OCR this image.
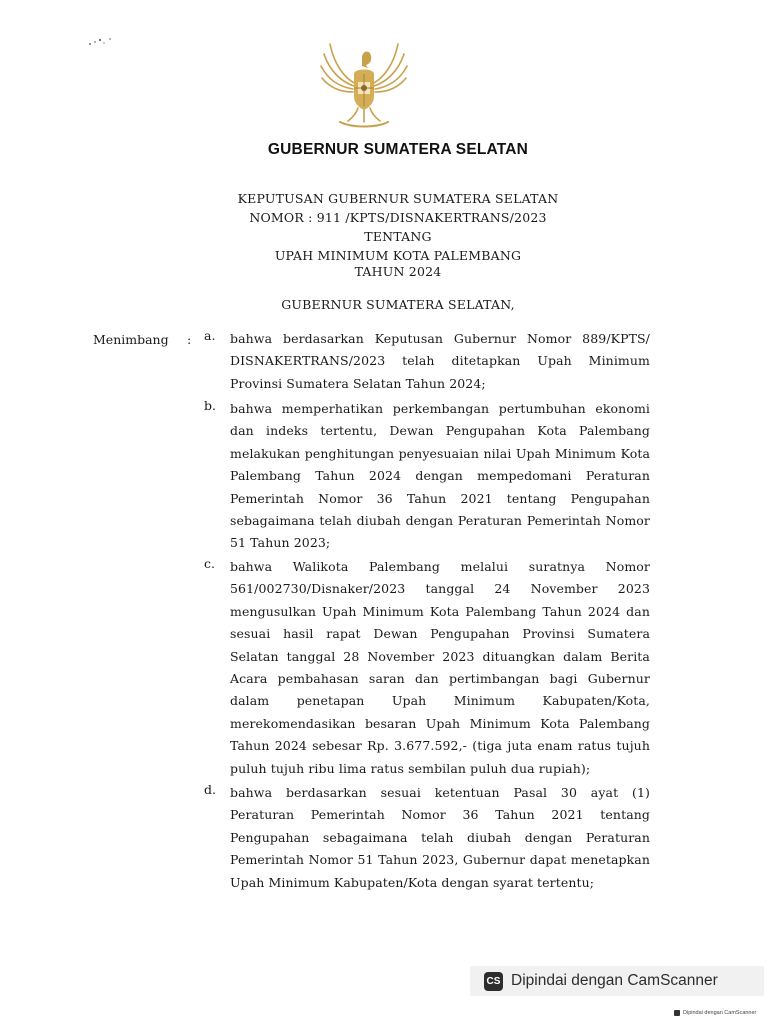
GUBERNUR SUMATERA SELATAN
KEPUTUSAN GUBERNUR SUMATERA SELATAN
NOMOR : 911 /KPTS/DISNAKERTRANS/2023
TENTANG
UPAH MINIMUM KOTA PALEMBANG
TAHUN 2024
GUBERNUR SUMATERA SELATAN,
Menimbang : a.	bahwa berdasarkan Keputusan Gubernur Nomor 889/KPTS/ DISNAKERTRANS/2023 telah ditetapkan Upah Minimum Provinsi Sumatera Selatan Tahun 2024;
b.	bahwa memperhatikan perkembangan pertumbuhan ekonomi dan indeks tertentu, Dewan Pengupahan Kota Palembang melakukan penghitungan penyesuaian nilai Upah Minimum Kota Palembang Tahun 2024 dengan mempedomani Peraturan Pemerintah Nomor 36 Tahun 2021 tentang Pengupahan sebagaimana telah diubah dengan Peraturan Pemerintah Nomor 51 Tahun 2023;
c.	bahwa Walikota Palembang melalui suratnya Nomor 561/002730/Disnaker/2023 tanggal 24 November 2023 mengusulkan Upah Minimum Kota Palembang Tahun 2024 dan sesuai hasil rapat Dewan Pengupahan Provinsi Sumatera Selatan tanggal 28 November 2023 dituangkan dalam Berita Acara pembahasan saran dan pertimbangan bagi Gubernur dalam penetapan Upah Minimum Kabupaten/Kota, merekomendasikan besaran Upah Minimum Kota Palembang Tahun 2024 sebesar Rp. 3.677.592,- (tiga juta enam ratus tujuh puluh tujuh ribu lima ratus sembilan puluh dua rupiah);
d.	bahwa berdasarkan sesuai ketentuan Pasal 30 ayat (1) Peraturan Pemerintah Nomor 36 Tahun 2021 tentang Pengupahan sebagaimana telah diubah dengan Peraturan Pemerintah Nomor 51 Tahun 2023, Gubernur dapat menetapkan Upah Minimum Kabupaten/Kota dengan syarat tertentu;
CS Dipindai dengan CamScanner
Dipindai dengan CamScanner
